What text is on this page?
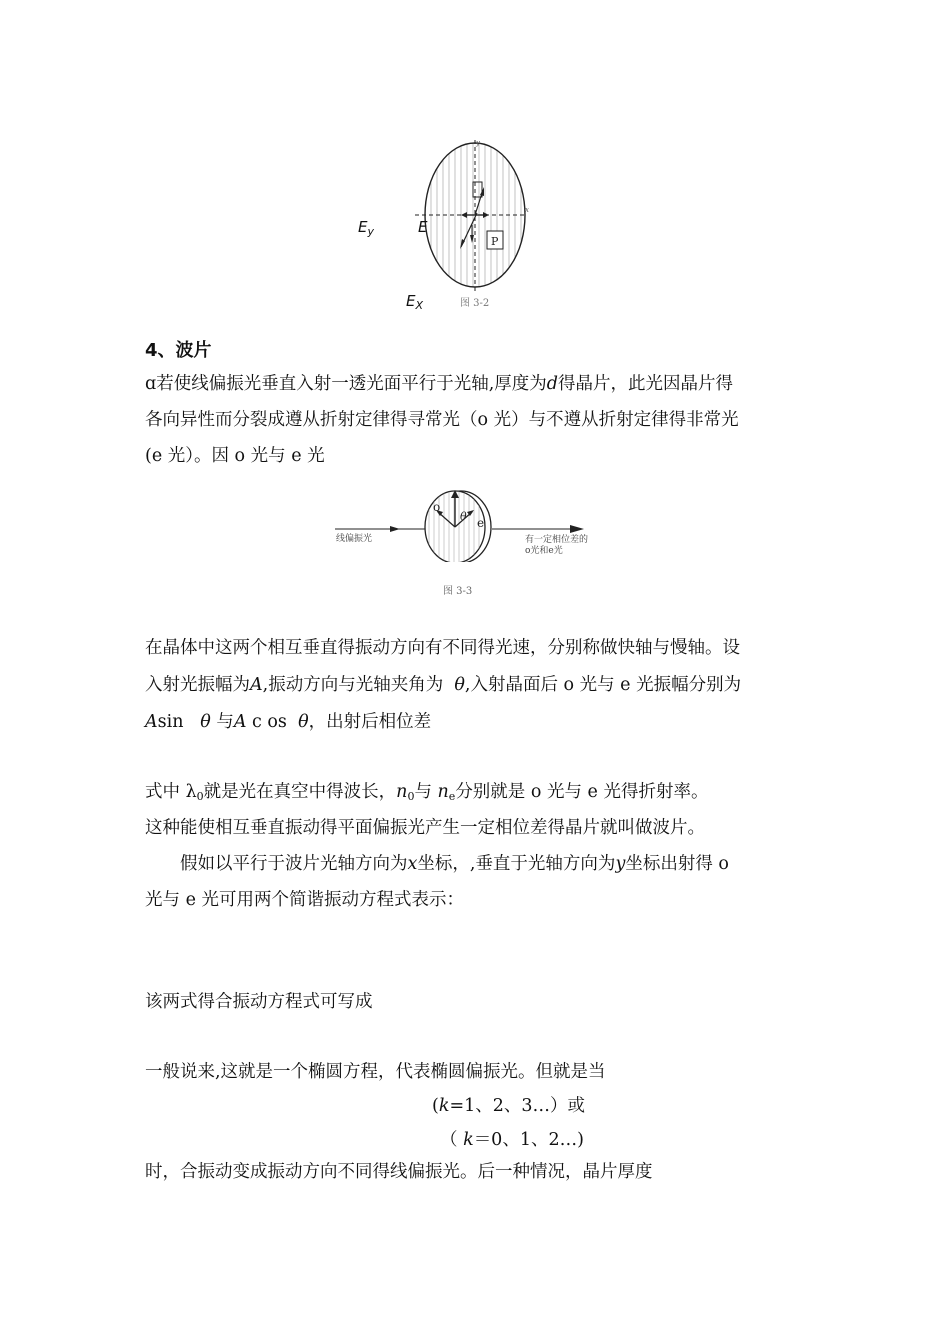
P
y
x
$E_y$	E
$E_X$	图 3-2
4、波片
ɑ若使线偏振光垂直入射一透光面平行于光轴,厚度为d得晶片，此光因晶片得
各向异性而分裂成遵从折射定律得寻常光（o 光）与不遵从折射定律得非常光
(e 光）。因 o 光与 e 光
o
e
θ
线偏振光	有一定相位差的
o光和e光
图 3-3
在晶体中这两个相互垂直得振动方向有不同得光速，分别称做快轴与慢轴。设
入射光振幅为A,振动方向与光轴夹角为 θ,入射晶面后 o 光与 e 光振幅分别为
Asin θ 与A c os θ，出射后相位差
式中 $\lambda_0$就是光在真空中得波长，$n_0$与 $n_e$分别就是 o 光与 e 光得折射率。
这种能使相互垂直振动得平面偏振光产生一定相位差得晶片就叫做波片。
假如以平行于波片光轴方向为x坐标，,垂直于光轴方向为y坐标出射得 o
光与 e 光可用两个简谐振动方程式表示：
该两式得合振动方程式可写成
一般说来,这就是一个椭圆方程，代表椭圆偏振光。但就是当
(k=1、2、3…）或
（ k＝0、1、2…)
时，合振动变成振动方向不同得线偏振光。后一种情况，晶片厚度
